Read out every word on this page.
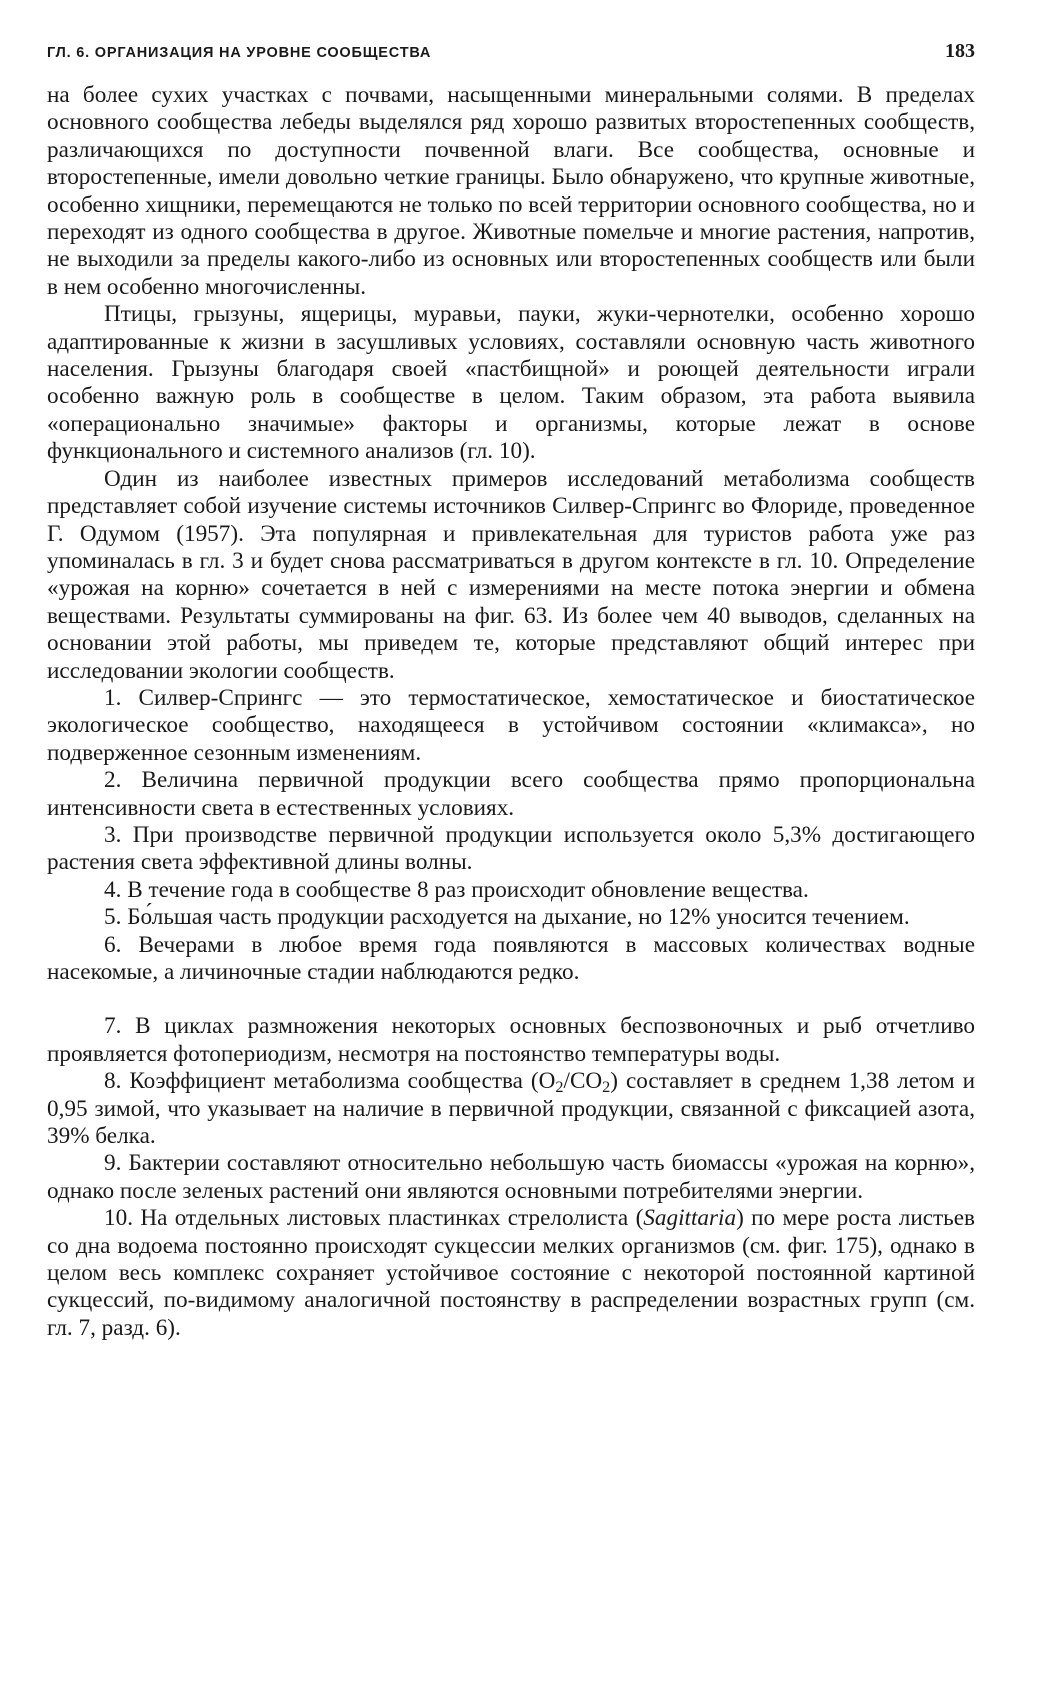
ГЛ. 6. ОРГАНИЗАЦИЯ НА УРОВНЕ СООБЩЕСТВА	183

на более сухих участках с почвами, насыщенными минеральными солями. В пределах основного сообщества лебеды выделялся ряд хорошо развитых второстепенных сообществ, различающихся по доступности почвенной влаги. Все сообщества, основные и второстепенные, имели довольно четкие границы. Было обнаружено, что крупные животные, особенно хищники, перемещаются не только по всей территории основного сообщества, но и переходят из одного сообщества в другое. Животные помельче и многие растения, напротив, не выходили за пределы какого-либо из основных или второстепенных сообществ или были в нем особенно многочисленны.

Птицы, грызуны, ящерицы, муравьи, пауки, жуки-чернотелки, особенно хорошо адаптированные к жизни в засушливых условиях, составляли основную часть животного населения. Грызуны благодаря своей «пастбищной» и роющей деятельности играли особенно важную роль в сообществе в целом. Таким образом, эта работа выявила «операционально значимые» факторы и организмы, которые лежат в основе функционального и системного анализов (гл. 10).

Один из наиболее известных примеров исследований метаболизма сообществ представляет собой изучение системы источников Силвер-Спрингс во Флориде, проведенное Г. Одумом (1957). Эта популярная и привлекательная для туристов работа уже раз упоминалась в гл. 3 и будет снова рассматриваться в другом контексте в гл. 10. Определение «урожая на корню» сочетается в ней с измерениями на месте потока энергии и обмена веществами. Результаты суммированы на фиг. 63. Из более чем 40 выводов, сделанных на основании этой работы, мы приведем те, которые представляют общий интерес при исследовании экологии сообществ.

1. Силвер-Спрингс — это термостатическое, хемостатическое и биостатическое экологическое сообщество, находящееся в устойчивом состоянии «климакса», но подверженное сезонным изменениям.

2. Величина первичной продукции всего сообщества прямо пропорциональна интенсивности света в естественных условиях.

3. При производстве первичной продукции используется около 5,3% достигающего растения света эффективной длины волны.

4. В течение года в сообществе 8 раз происходит обновление вещества.

5. Бо́льшая часть продукции расходуется на дыхание, но 12% уносится течением.

6. Вечерами в любое время года появляются в массовых количествах водные насекомые, а личиночные стадии наблюдаются редко.

7. В циклах размножения некоторых основных беспозвоночных и рыб отчетливо проявляется фотопериодизм, несмотря на постоянство температуры воды.

8. Коэффициент метаболизма сообщества $(O_2/CO_2)$ составляет в среднем 1,38 летом и 0,95 зимой, что указывает на наличие в первичной продукции, связанной с фиксацией азота, 39% белка.

9. Бактерии составляют относительно небольшую часть биомассы «урожая на корню», однако после зеленых растений они являются основными потребителями энергии.

10. На отдельных листовых пластинках стрелолиста (Sagittaria) по мере роста листьев со дна водоема постоянно происходят сукцессии мелких организмов (см. фиг. 175), однако в целом весь комплекс сохраняет устойчивое состояние с некоторой постоянной картиной сукцессий, по-видимому аналогичной постоянству в распределении возрастных групп (см. гл. 7, разд. 6).
